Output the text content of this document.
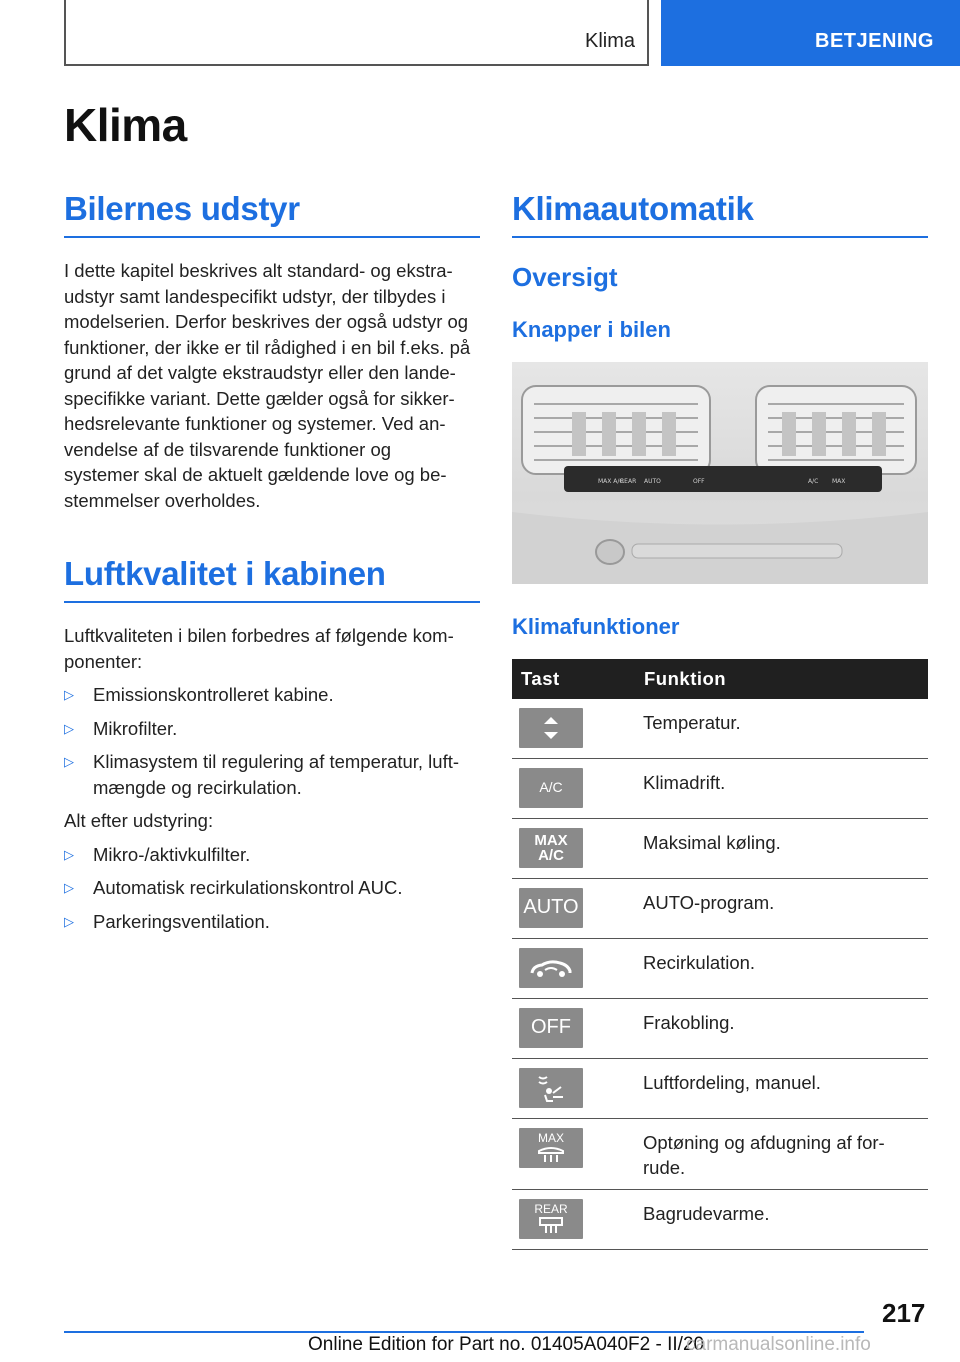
Klima	BETJENING
Klima
Bilernes udstyr

I dette kapitel beskrives alt standard- og ekstra-
udstyr samt landespecifikt udstyr, der tilbydes i
modelserien. Derfor beskrives der også udstyr og
funktioner, der ikke er til rådighed i en bil f.eks. på
grund af det valgte ekstraudstyr eller den lande-
specifikke variant. Dette gælder også for sikker-
hedsrelevante funktioner og systemer. Ved an-
vendelse af de tilsvarende funktioner og
systemer skal de aktuelt gældende love og be-
stemmelser overholdes.

Luftkvalitet i kabinen

Luftkvaliteten i bilen forbedres af følgende kom-
ponenter:

▷ Emissionskontrolleret kabine.
▷ Mikrofilter.
▷ Klimasystem til regulering af temperatur, luft-
mængde og recirkulation.

Alt efter udstyring:

▷ Mikro-/aktivkulfilter.
▷ Automatisk recirkulationskontrol AUC.
▷ Parkeringsventilation.
Klimaautomatik
Oversigt
Knapper i bilen
MAX A/C
REAR AUTO	OFF	A/C MAX
Klimafunktioner
Tast	Funktion

	Temperatur.

A/C	Klimadrift.

MAX
A/C	Maksimal køling.

AUTO	AUTO-program.

	Recirkulation.

OFF	Frakobling.

	Luftfordeling, manuel.

MAX	Optøning og afdugning af for-
rude.

REAR	Bagrudevarme.
217
Online Edition for Part no. 01405A040F2 - II/20
carmanualsonline.info
